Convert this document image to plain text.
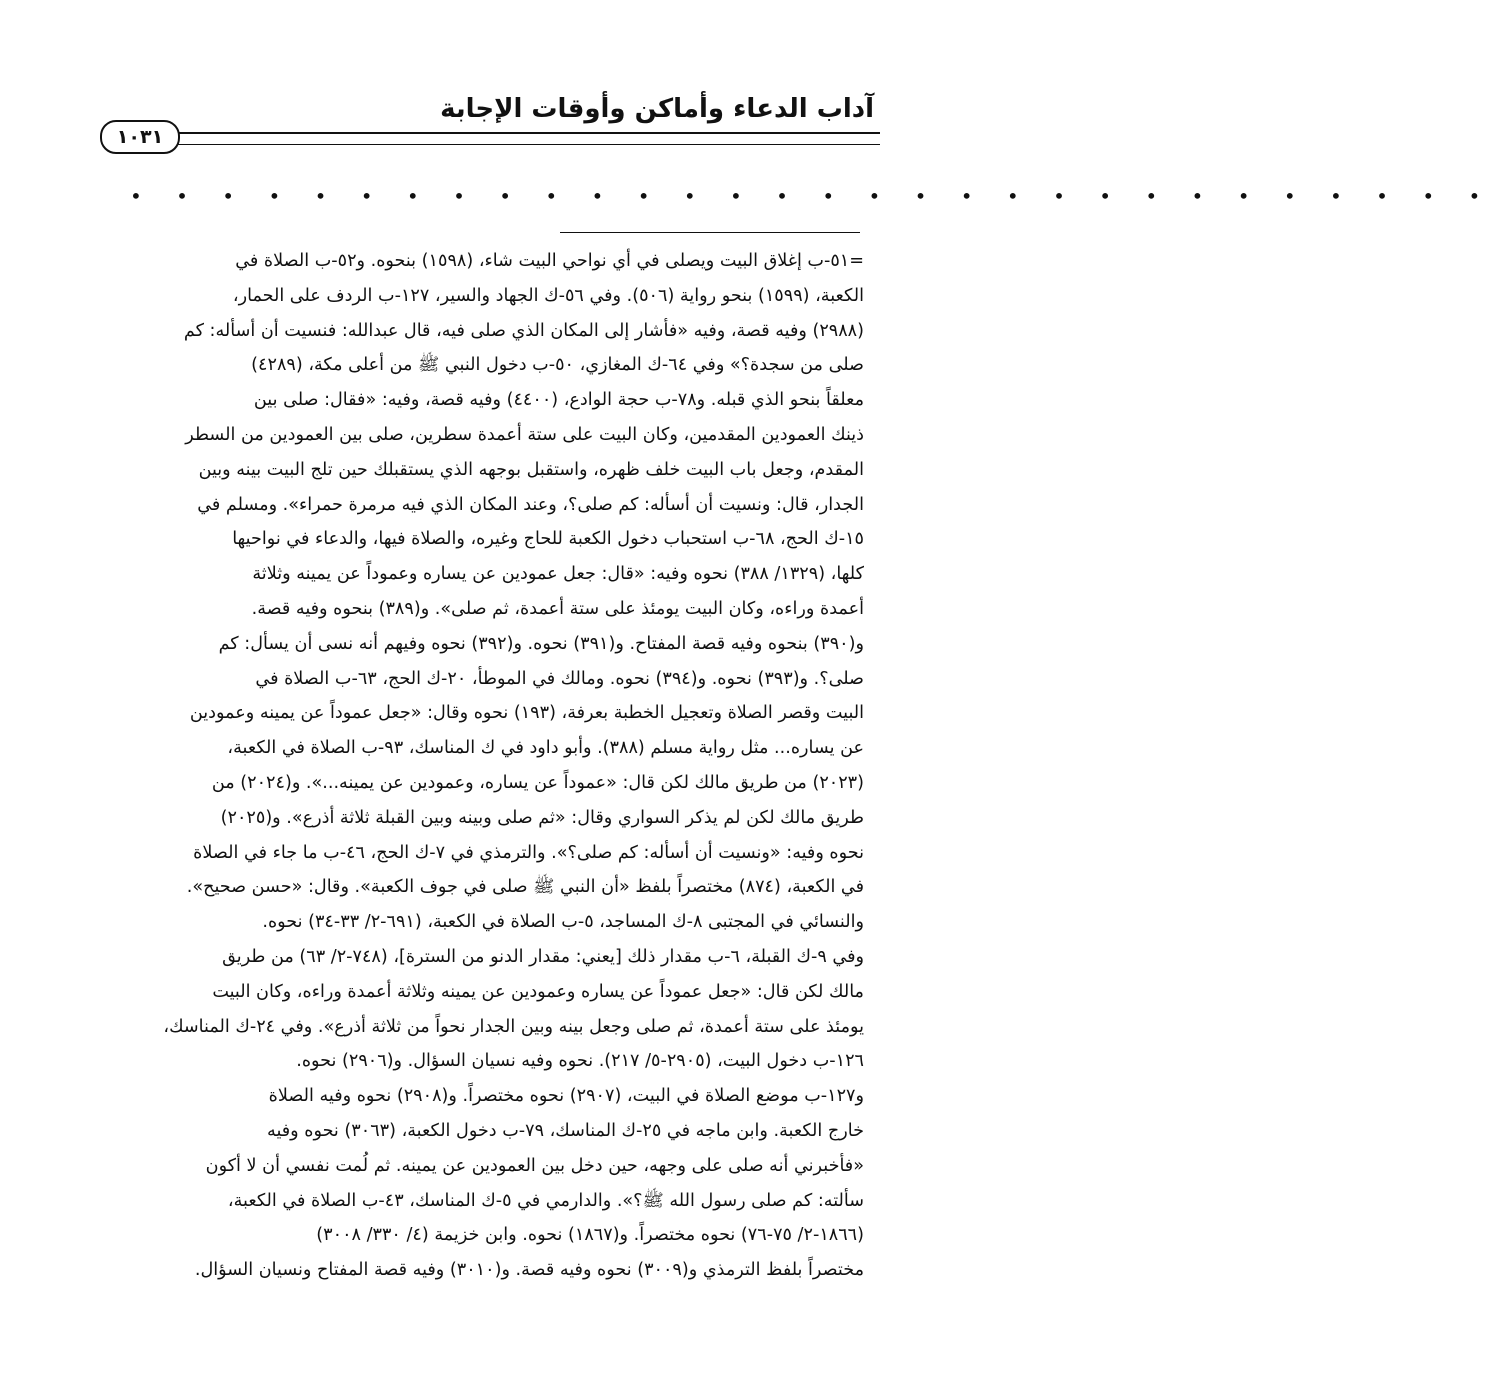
آداب الدعاء وأماكن وأوقات الإجابة
١٠٣١
• • • • • • • • • • • • • • • • • • • • • • • • • • • • • •
=٥١-ب إغلاق البيت ويصلى في أي نواحي البيت شاء، (١٥٩٨) بنحوه. و٥٢-ب الصلاة في
الكعبة، (١٥٩٩) بنحو رواية (٥٠٦). وفي ٥٦-ك الجهاد والسير، ١٢٧-ب الردف على الحمار،
(٢٩٨٨) وفيه قصة، وفيه «فأشار إلى المكان الذي صلى فيه، قال عبدالله: فنسيت أن أسأله: كم
صلى من سجدة؟» وفي ٦٤-ك المغازي، ٥٠-ب دخول النبي ﷺ من أعلى مكة، (٤٢٨٩)
معلقاً بنحو الذي قبله. و٧٨-ب حجة الوادع، (٤٤٠٠) وفيه قصة، وفيه: «فقال: صلى بين
ذينك العمودين المقدمين، وكان البيت على ستة أعمدة سطرين، صلى بين العمودين من السطر
المقدم، وجعل باب البيت خلف ظهره، واستقبل بوجهه الذي يستقبلك حين تلج البيت بينه وبين
الجدار، قال: ونسيت أن أسأله: كم صلى؟، وعند المكان الذي فيه مرمرة حمراء». ومسلم في
١٥-ك الحج، ٦٨-ب استحباب دخول الكعبة للحاج وغيره، والصلاة فيها، والدعاء في نواحيها
كلها، (١٣٢٩/ ٣٨٨) نحوه وفيه: «قال: جعل عمودين عن يساره وعموداً عن يمينه وثلاثة
أعمدة وراءه، وكان البيت يومئذ على ستة أعمدة، ثم صلى». و(٣٨٩) بنحوه وفيه قصة.
و(٣٩٠) بنحوه وفيه قصة المفتاح. و(٣٩١) نحوه. و(٣٩٢) نحوه وفيهم أنه نسى أن يسأل: كم
صلى؟. و(٣٩٣) نحوه. و(٣٩٤) نحوه. ومالك في الموطأ، ٢٠-ك الحج، ٦٣-ب الصلاة في
البيت وقصر الصلاة وتعجيل الخطبة بعرفة، (١٩٣) نحوه وقال: «جعل عموداً عن يمينه وعمودين
عن يساره... مثل رواية مسلم (٣٨٨). وأبو داود في ك المناسك، ٩٣-ب الصلاة في الكعبة،
(٢٠٢٣) من طريق مالك لكن قال: «عموداً عن يساره، وعمودين عن يمينه...». و(٢٠٢٤) من
طريق مالك لكن لم يذكر السواري وقال: «ثم صلى وبينه وبين القبلة ثلاثة أذرع». و(٢٠٢٥)
نحوه وفيه: «ونسيت أن أسأله: كم صلى؟». والترمذي في ٧-ك الحج، ٤٦-ب ما جاء في الصلاة
في الكعبة، (٨٧٤) مختصراً بلفظ «أن النبي ﷺ صلى في جوف الكعبة». وقال: «حسن صحيح».
والنسائي في المجتبى ٨-ك المساجد، ٥-ب الصلاة في الكعبة، (٦٩١-٢/ ٣٣-٣٤) نحوه.
وفي ٩-ك القبلة، ٦-ب مقدار ذلك [يعني: مقدار الدنو من السترة]، (٧٤٨-٢/ ٦٣) من طريق
مالك لكن قال: «جعل عموداً عن يساره وعمودين عن يمينه وثلاثة أعمدة وراءه، وكان البيت
يومئذ على ستة أعمدة، ثم صلى وجعل بينه وبين الجدار نحواً من ثلاثة أذرع». وفي ٢٤-ك المناسك،
١٢٦-ب دخول البيت، (٢٩٠٥-٥/ ٢١٧). نحوه وفيه نسيان السؤال. و(٢٩٠٦) نحوه.
و١٢٧-ب موضع الصلاة في البيت، (٢٩٠٧) نحوه مختصراً. و(٢٩٠٨) نحوه وفيه الصلاة
خارج الكعبة. وابن ماجه في ٢٥-ك المناسك، ٧٩-ب دخول الكعبة، (٣٠٦٣) نحوه وفيه
«فأخبرني أنه صلى على وجهه، حين دخل بين العمودين عن يمينه. ثم لُمت نفسي أن لا أكون
سألته: كم صلى رسول الله ﷺ؟». والدارمي في ٥-ك المناسك، ٤٣-ب الصلاة في الكعبة،
(١٨٦٦-٢/ ٧٥-٧٦) نحوه مختصراً. و(١٨٦٧) نحوه. وابن خزيمة (٤/ ٣٣٠/ ٣٠٠٨)
مختصراً بلفظ الترمذي و(٣٠٠٩) نحوه وفيه قصة. و(٣٠١٠) وفيه قصة المفتاح ونسيان السؤال.
